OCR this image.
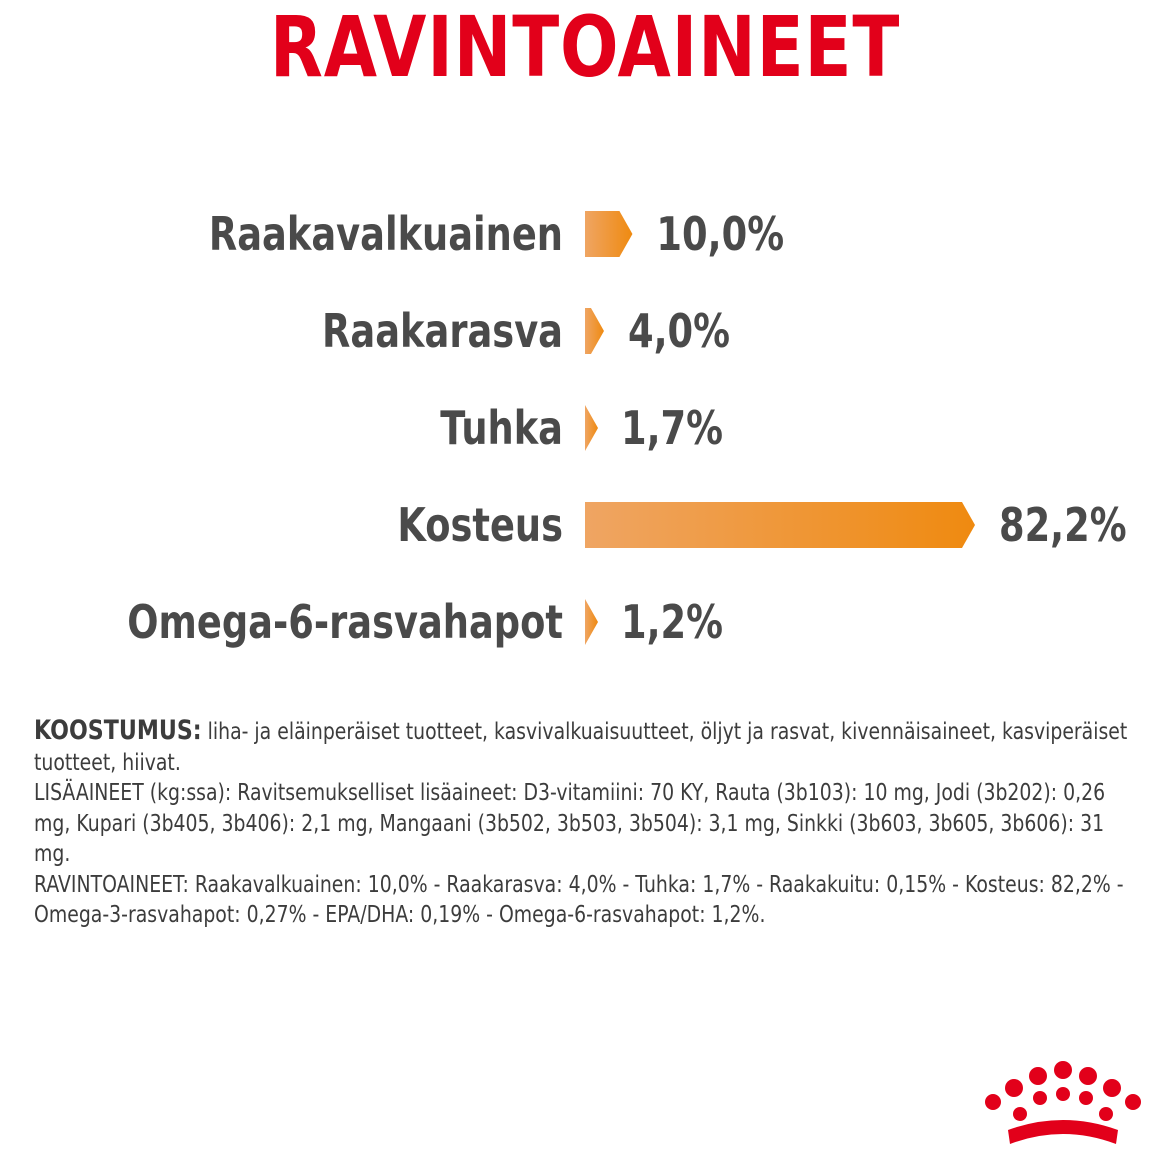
RAVINTOAINEET
Raakavalkuainen 10,0%
Raakarasva 4,0%
Tuhka 1,7%
Kosteus	82,2%
Omega-6-rasvahapot 1,2%

KOOSTUMUS: liha- ja eläinperäiset tuotteet, kasvivalkuaisuutteet, öljyt ja rasvat, kivennäisaineet, kasviperäiset tuotteet, hiivat.

LISÄAINEET (kg:ssa): Ravitsemukselliset lisäaineet: D3-vitamiini: 70 KY, Rauta (3b103): 10 mg, Jodi (3b202): 0,26 mg, Kupari (3b405, 3b406): 2,1 mg, Mangaani (3b502, 3b503, 3b504): 3,1 mg, Sinkki (3b603, 3b605, 3b606): 31 mg.

RAVINTOAINEET: Raakavalkuainen: 10,0% - Raakarasva: 4,0% - Tuhka: 1,7% - Raakakuitu: 0,15% - Kosteus: 82,2% - Omega-3-rasvahapot: 0,27% - EPA/DHA: 0,19% - Omega-6-rasvahapot: 1,2%.
